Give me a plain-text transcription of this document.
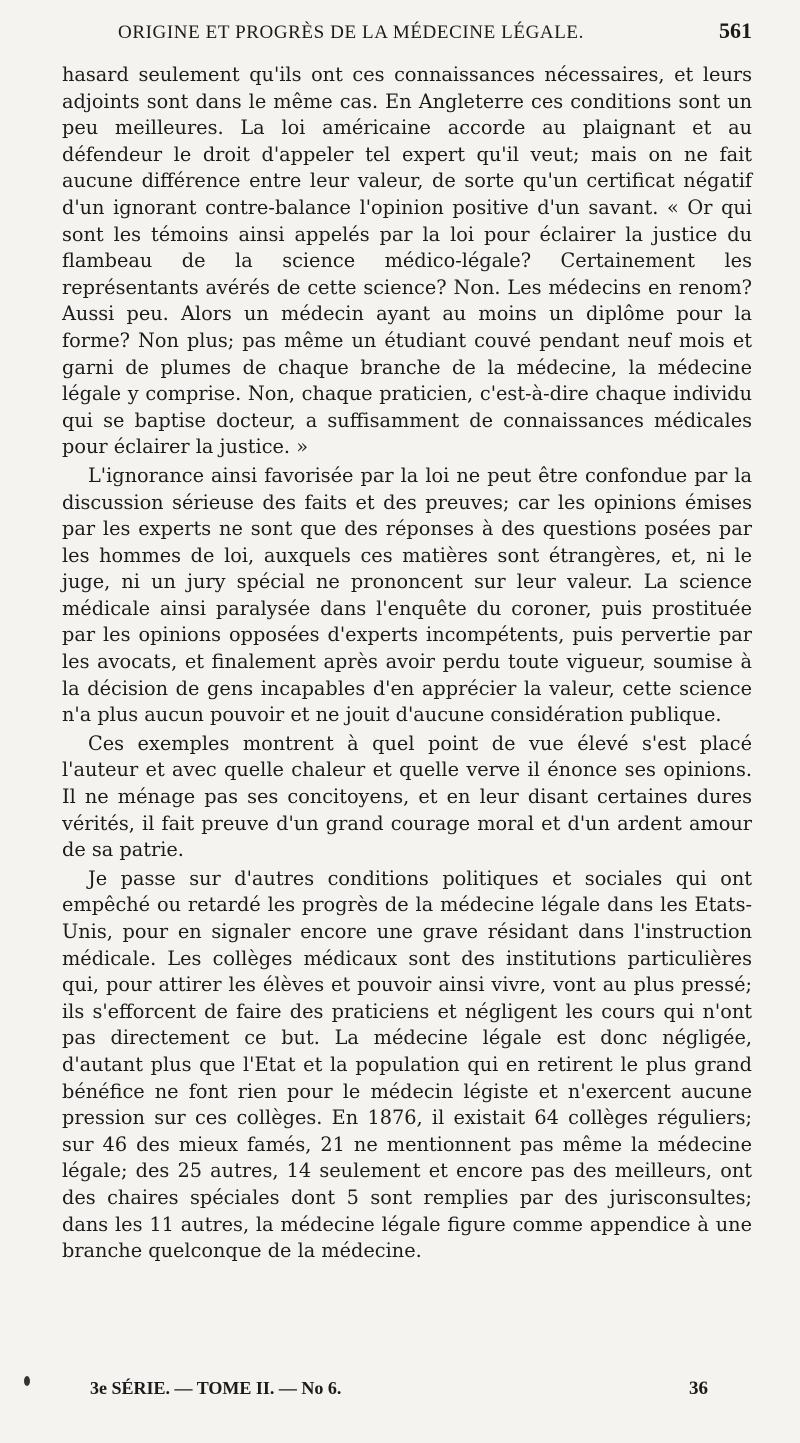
ORIGINE ET PROGRÈS DE LA MÉDECINE LÉGALE.	561

hasard seulement qu'ils ont ces connaissances nécessaires, et leurs adjoints sont dans le même cas. En Angleterre ces conditions sont un peu meilleures. La loi américaine accorde au plaignant et au défendeur le droit d'appeler tel expert qu'il veut; mais on ne fait aucune différence entre leur valeur, de sorte qu'un certificat négatif d'un ignorant contre-balance l'opinion positive d'un savant. « Or qui sont les témoins ainsi appelés par la loi pour éclairer la justice du flambeau de la science médico-légale? Certainement les représentants avérés de cette science? Non. Les médecins en renom? Aussi peu. Alors un médecin ayant au moins un diplôme pour la forme? Non plus; pas même un étudiant couvé pendant neuf mois et garni de plumes de chaque branche de la médecine, la médecine légale y comprise. Non, chaque praticien, c'est-à-dire chaque individu qui se baptise docteur, a suffisamment de connaissances médicales pour éclairer la justice. »

L'ignorance ainsi favorisée par la loi ne peut être confondue par la discussion sérieuse des faits et des preuves; car les opinions émises par les experts ne sont que des réponses à des questions posées par les hommes de loi, auxquels ces matières sont étrangères, et, ni le juge, ni un jury spécial ne prononcent sur leur valeur. La science médicale ainsi paralysée dans l'enquête du coroner, puis prostituée par les opinions opposées d'experts incompétents, puis pervertie par les avocats, et finalement après avoir perdu toute vigueur, soumise à la décision de gens incapables d'en apprécier la valeur, cette science n'a plus aucun pouvoir et ne jouit d'aucune considération publique.

Ces exemples montrent à quel point de vue élevé s'est placé l'auteur et avec quelle chaleur et quelle verve il énonce ses opinions. Il ne ménage pas ses concitoyens, et en leur disant certaines dures vérités, il fait preuve d'un grand courage moral et d'un ardent amour de sa patrie.

Je passe sur d'autres conditions politiques et sociales qui ont empêché ou retardé les progrès de la médecine légale dans les Etats-Unis, pour en signaler encore une grave résidant dans l'instruction médicale. Les collèges médicaux sont des institutions particulières qui, pour attirer les élèves et pouvoir ainsi vivre, vont au plus pressé; ils s'efforcent de faire des praticiens et négligent les cours qui n'ont pas directement ce but. La médecine légale est donc négligée, d'autant plus que l'Etat et la population qui en retirent le plus grand bénéfice ne font rien pour le médecin légiste et n'exercent aucune pression sur ces collèges. En 1876, il existait 64 collèges réguliers; sur 46 des mieux famés, 21 ne mentionnent pas même la médecine légale; des 25 autres, 14 seulement et encore pas des meilleurs, ont des chaires spéciales dont 5 sont remplies par des jurisconsultes; dans les 11 autres, la médecine légale figure comme appendice à une branche quelconque de la médecine.

3e SÉRIE. — TOME II. — No 6.	36
